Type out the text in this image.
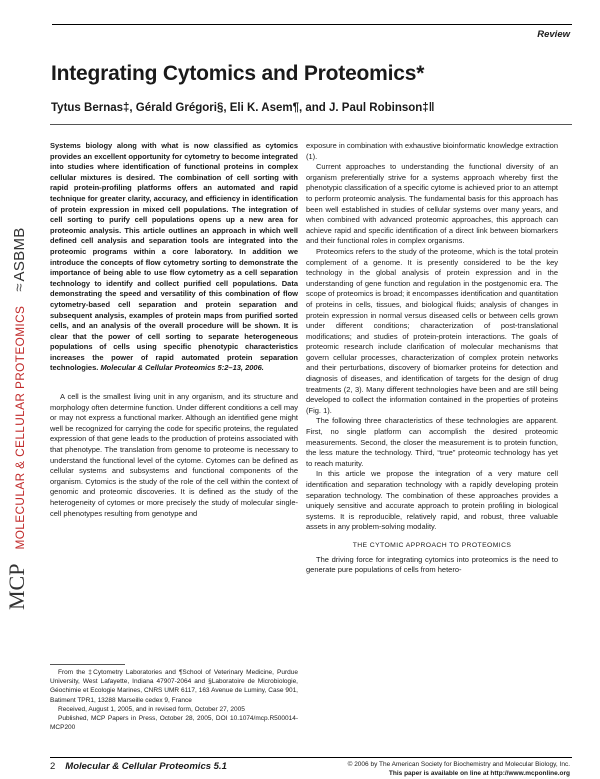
Review
Integrating Cytomics and Proteomics*
Tytus Bernas‡, Gérald Grégori§, Eli K. Asem¶, and J. Paul Robinson‡‖
MCPMOLECULAR & CELLULAR PROTEOMICS≈ASBMB

Systems biology along with what is now classified as cytomics provides an excellent opportunity for cytometry to become integrated into studies where identification of functional proteins in complex cellular mixtures is desired. The combination of cell sorting with rapid protein-profiling platforms offers an automated and rapid technique for greater clarity, accuracy, and efficiency in identification of protein expression in mixed cell populations. The integration of cell sorting to purify cell populations opens up a new area for proteomic analysis. This article outlines an approach in which well defined cell analysis and separation tools are integrated into the proteomic programs within a core laboratory. In addition we introduce the concepts of flow cytometry sorting to demonstrate the importance of being able to use flow cytometry as a cell separation technology to identify and collect purified cell populations. Data demonstrating the speed and versatility of this combination of flow cytometry-based cell separation and protein separation and subsequent analysis, examples of protein maps from purified sorted cells, and an analysis of the overall procedure will be shown. It is clear that the power of cell sorting to separate heterogeneous populations of cells using specific phenotypic characteristics increases the power of rapid automated protein separation technologies. Molecular & Cellular Proteomics 5:2–13, 2006.

A cell is the smallest living unit in any organism, and its structure and morphology often determine function. Under different conditions a cell may or may not express a functional marker. Although an identified gene might well be recognized for carrying the code for specific proteins, the regulated expression of that gene leads to the production of proteins associated with that phenotype. The translation from genome to proteome is necessary to understand the functional level of the cytome. Cytomes can be defined as cellular systems and subsystems and functional components of the organism. Cytomics is the study of the role of the cell within the context of genomic and proteomic discoveries. It is defined as the study of the heterogeneity of cytomes or more precisely the study of molecular single-cell phenotypes resulting from genotype and

exposure in combination with exhaustive bioinformatic knowledge extraction (1).

Current approaches to understanding the functional diversity of an organism preferentially strive for a systems approach whereby first the phenotypic classification of a specific cytome is achieved prior to an attempt to perform proteomic analysis. The fundamental basis for this approach has been well established in studies of cellular systems over many years, and when combined with advanced proteomic approaches, this approach can achieve rapid and specific identification of a direct link between biomarkers and their functional roles in complex organisms.

Proteomics refers to the study of the proteome, which is the total protein complement of a genome. It is presently considered to be the key technology in the global analysis of protein expression and in the understanding of gene function and regulation in the postgenomic era. The scope of proteomics is broad; it encompasses identification and quantitation of proteins in cells, tissues, and biological fluids; analysis of changes in protein expression in normal versus diseased cells or between cells grown under different conditions; characterization of post-translational modifications; and studies of protein-protein interactions. The goals of proteomic research include clarification of molecular mechanisms that govern cellular processes, characterization of complex protein networks and their perturbations, discovery of biomarker proteins for detection and diagnosis of diseases, and identification of targets for the design of drug treatments (2, 3). Many different technologies have been and are still being developed to collect the information contained in the properties of proteins (Fig. 1).

The following three characteristics of these technologies are apparent. First, no single platform can accomplish the desired proteomic measurements. Second, the closer the measurement is to protein function, the less mature the technology. Third, “true” proteomic technology has yet to reach maturity.

In this article we propose the integration of a very mature cell identification and separation technology with a rapidly developing protein separation technology. The combination of these approaches provides a uniquely sensitive and accurate approach to protein profiling in biological systems. It is reproducible, relatively rapid, and robust, three valuable assets in any problem-solving modality.

THE CYTOMIC APPROACH TO PROTEOMICS

The driving force for integrating cytomics into proteomics is the need to generate pure populations of cells from hetero-

From the ‡Cytometry Laboratories and ¶School of Veterinary Medicine, Purdue University, West Lafayette, Indiana 47907-2064 and §Laboratoire de Microbiologie, Géochimie et Ecologie Marines, CNRS UMR 6117, 163 Avenue de Luminy, Case 901, Batiment TPR1, 13288 Marseille cedex 9, France

Received, August 1, 2005, and in revised form, October 27, 2005

Published, MCP Papers in Press, October 28, 2005, DOI 10.1074/mcp.R500014-MCP200

2 Molecular & Cellular Proteomics 5.1	© 2006 by The American Society for Biochemistry and Molecular Biology, Inc.
This paper is available on line at http://www.mcponline.org
